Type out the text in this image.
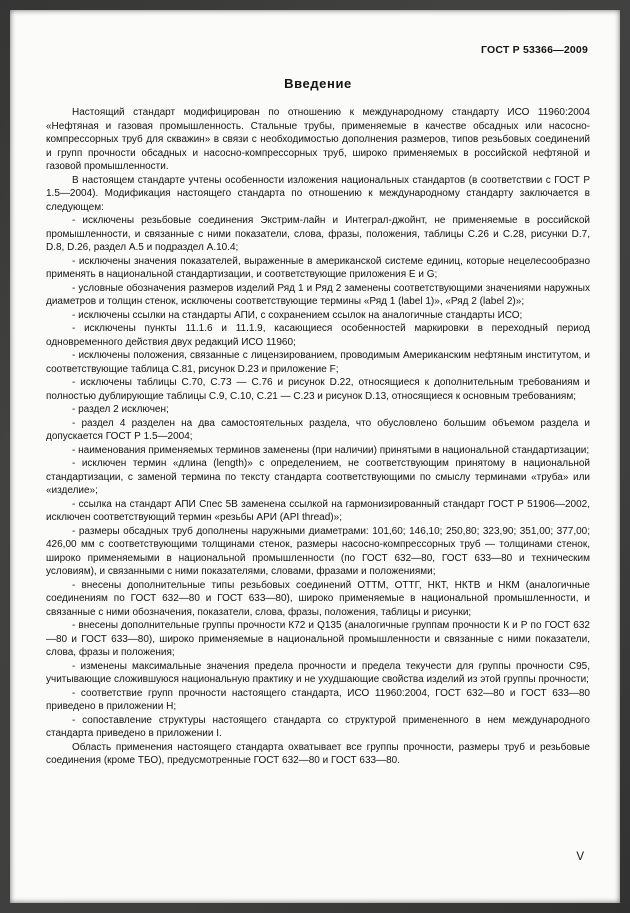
ГОСТ Р 53366—2009
Введение

Настоящий стандарт модифицирован по отношению к международному стандарту ИСО 11960:2004 «Нефтяная и газовая промышленность. Стальные трубы, применяемые в качестве обсадных или насосно-компрессорных труб для скважин» в связи с необходимостью дополнения размеров, типов резьбовых соединений и групп прочности обсадных и насосно-компрессорных труб, широко применяемых в российской нефтяной и газовой промышленности.

В настоящем стандарте учтены особенности изложения национальных стандартов (в соответствии с ГОСТ Р 1.5—2004). Модификация настоящего стандарта по отношению к международному стандарту заключается в следующем:

- исключены резьбовые соединения Экстрим-лайн и Интеграл-джойнт, не применяемые в российской промышленности, и связанные с ними показатели, слова, фразы, положения, таблицы С.26 и С.28, рисунки D.7, D.8, D.26, раздел А.5 и подраздел А.10.4;

- исключены значения показателей, выраженные в американской системе единиц, которые нецелесообразно применять в национальной стандартизации, и соответствующие приложения Е и G;

- условные обозначения размеров изделий Ряд 1 и Ряд 2 заменены соответствующими значениями наружных диаметров и толщин стенок, исключены соответствующие термины «Ряд 1 (label 1)», «Ряд 2 (label 2)»;

- исключены ссылки на стандарты АПИ, с сохранением ссылок на аналогичные стандарты ИСО;

- исключены пункты 11.1.6 и 11.1.9, касающиеся особенностей маркировки в переходный период одновременного действия двух редакций ИСО 11960;

- исключены положения, связанные с лицензированием, проводимым Американским нефтяным институтом, и соответствующие таблица С.81, рисунок D.23 и приложение F;

- исключены таблицы С.70, С.73 — С.76 и рисунок D.22, относящиеся к дополнительным требованиям и полностью дублирующие таблицы С.9, С.10, С.21 — С.23 и рисунок D.13, относящиеся к основным требованиям;

- раздел 2 исключен;

- раздел 4 разделен на два самостоятельных раздела, что обусловлено большим объемом раздела и допускается ГОСТ Р 1.5—2004;

- наименования применяемых терминов заменены (при наличии) принятыми в национальной стандартизации;

- исключен термин «длина (length)» с определением, не соответствующим принятому в национальной стандартизации, с заменой термина по тексту стандарта соответствующими по смыслу терминами «труба» или «изделие»;

- ссылка на стандарт АПИ Спес 5В заменена ссылкой на гармонизированный стандарт ГОСТ Р 51906—2002, исключен соответствующий термин «резьбы АРИ (API thread)»;

- размеры обсадных труб дополнены наружными диаметрами: 101,60; 146,10; 250,80; 323,90; 351,00; 377,00; 426,00 мм с соответствующими толщинами стенок, размеры насосно-компрессорных труб — толщинами стенок, широко применяемыми в национальной промышленности (по ГОСТ 632—80, ГОСТ 633—80 и техническим условиям), и связанными с ними показателями, словами, фразами и положениями;

- внесены дополнительные типы резьбовых соединений ОТТМ, ОТТГ, НКТ, НКТВ и НКМ (аналогичные соединениям по ГОСТ 632—80 и ГОСТ 633—80), широко применяемые в национальной промышленности, и связанные с ними обозначения, показатели, слова, фразы, положения, таблицы и рисунки;

- внесены дополнительные группы прочности К72 и Q135 (аналогичные группам прочности К и Р по ГОСТ 632—80 и ГОСТ 633—80), широко применяемые в национальной промышленности и связанные с ними показатели, слова, фразы и положения;

- изменены максимальные значения предела прочности и предела текучести для группы прочности С95, учитывающие сложившуюся национальную практику и не ухудшающие свойства изделий из этой группы прочности;

- соответствие групп прочности настоящего стандарта, ИСО 11960:2004, ГОСТ 632—80 и ГОСТ 633—80 приведено в приложении Н;

- сопоставление структуры настоящего стандарта со структурой примененного в нем международного стандарта приведено в приложении I.

Область применения настоящего стандарта охватывает все группы прочности, размеры труб и резьбовые соединения (кроме ТБО), предусмотренные ГОСТ 632—80 и ГОСТ 633—80.

V
